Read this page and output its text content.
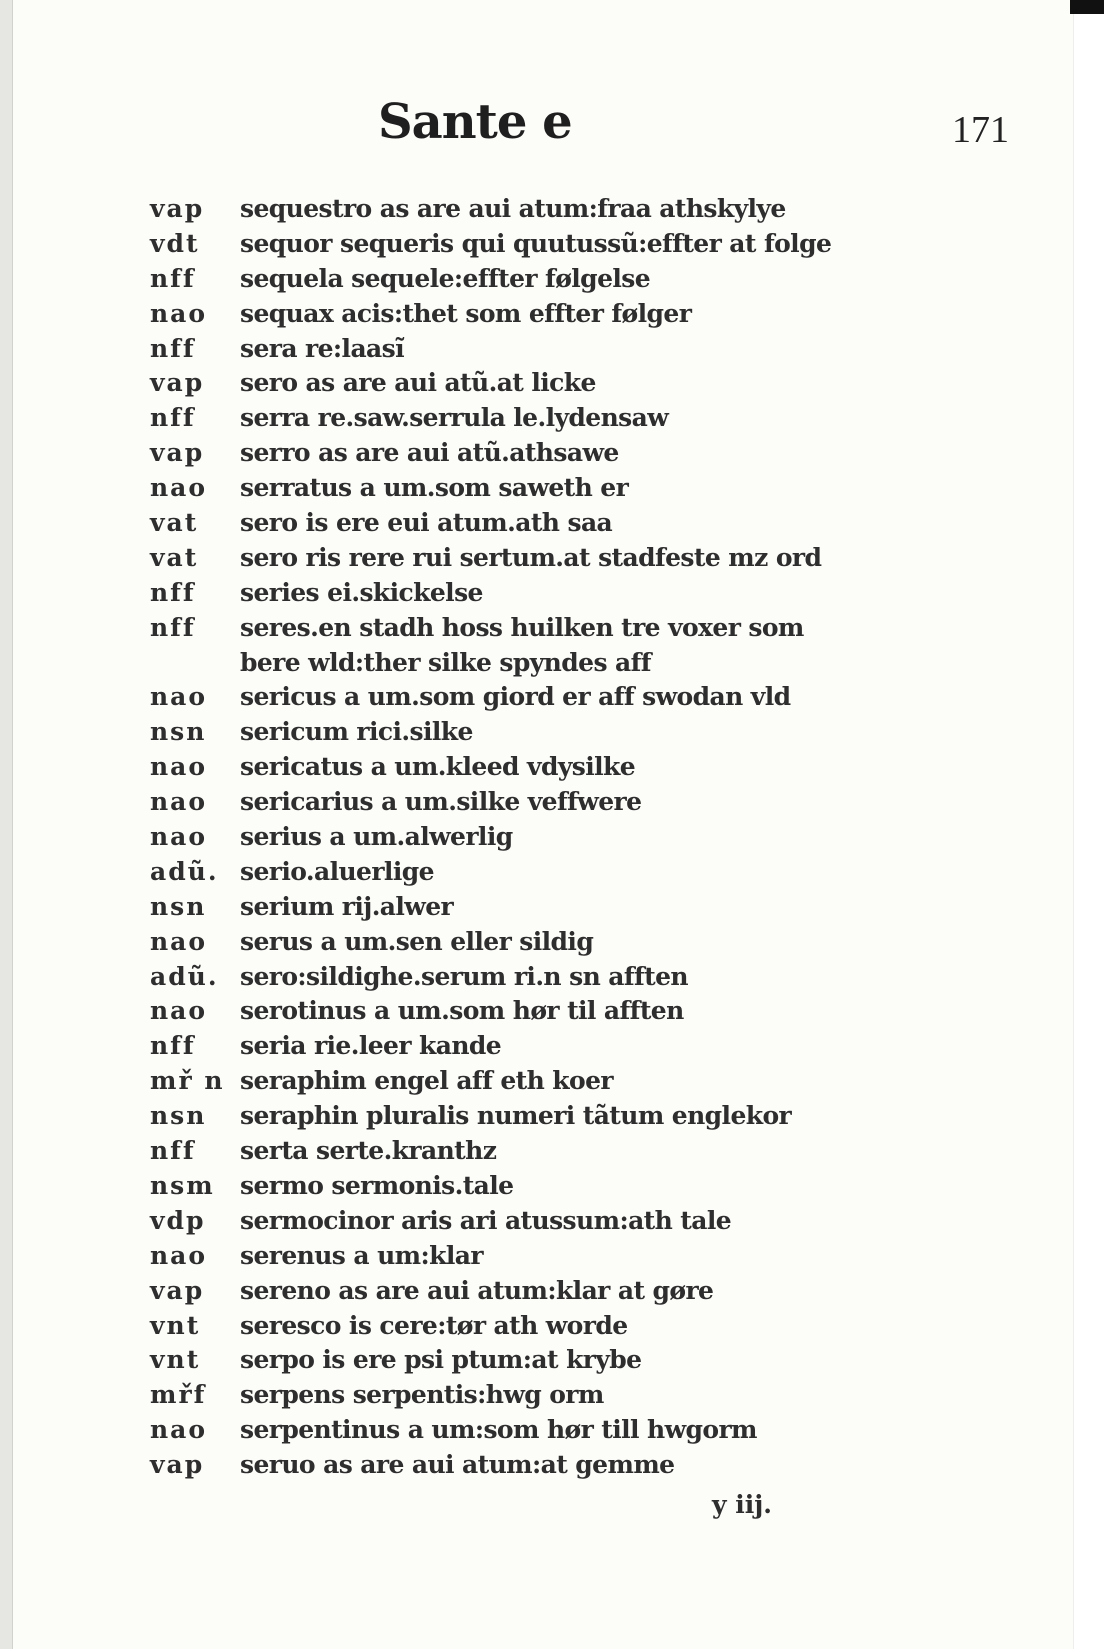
Sante e	171
vap	sequestro as are aui atum:fraa athskylye
vdt	sequor sequeris qui quutussũ:effter at folge
nff	sequela sequele:effter følgelse
nao	sequax acis:thet som effter følger
nff	sera re:laasĩ
vap	sero as are aui atũ.at licke
nff	serra re.saw.serrula le.lydensaw
vap	serro as are aui atũ.athsawe
nao	serratus a um.som saweth er
vat	sero is ere eui atum.ath saa
vat	sero ris rere rui sertum.at stadfeste mz ord
nff	series ei.skickelse
nff	seres.en stadh hoss huilken tre voxer som
bere wld:ther silke spyndes aff
nao	sericus a um.som giord er aff swodan vld
nsn	sericum rici.silke
nao	sericatus a um.kleed vdysilke
nao	sericarius a um.silke veffwere
nao	serius a um.alwerlig
adũ. serio.aluerlige
nsn	serium rij.alwer
nao	serus a um.sen eller sildig
adũ. sero:sildighe.serum ri.n sn afften
nao	serotinus a um.som hør til afften
nff	seria rie.leer kande
mř n seraphim engel aff eth koer
nsn	seraphin pluralis numeri tãtum englekor
nff	serta serte.kranthz
nsm	sermo sermonis.tale
vdp	sermocinor aris ari atussum:ath tale
nao	serenus a um:klar
vap	sereno as are aui atum:klar at gøre
vnt	seresco is cere:tør ath worde
vnt	serpo is ere psi ptum:at krybe
mřf	serpens serpentis:hwg orm
nao	serpentinus a um:som hør till hwgorm
vap	seruo as are aui atum:at gemme
y iij.
